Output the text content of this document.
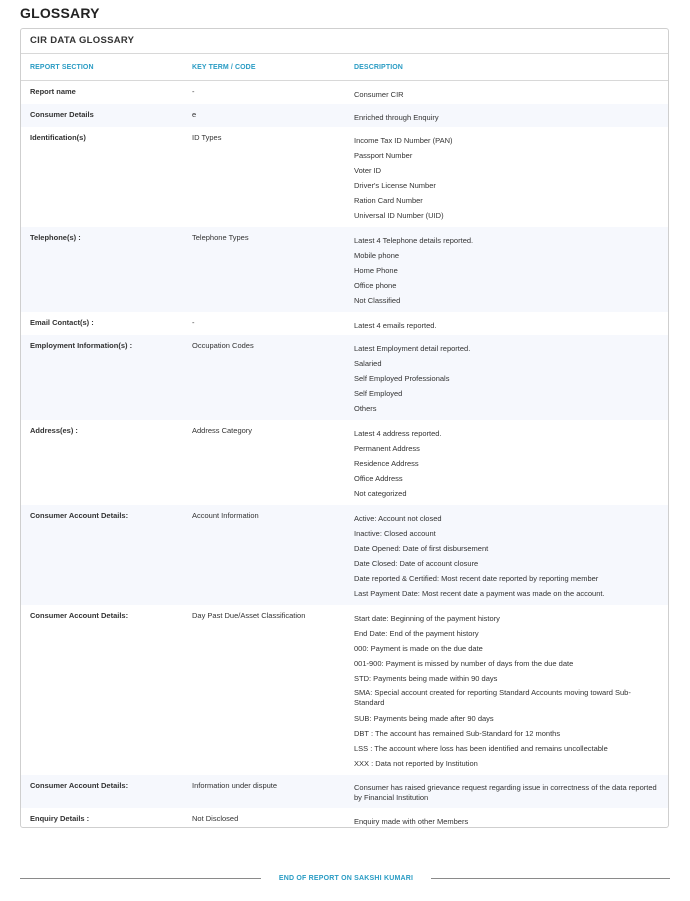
GLOSSARY
CIR DATA GLOSSARY
REPORT SECTION	KEY TERM / CODE	DESCRIPTION
Report name	-	Consumer CIR
Consumer Details	e	Enriched through Enquiry
Identification(s)	ID Types	Income Tax ID Number (PAN)
Passport Number
Voter ID
Driver's License Number
Ration Card Number
Universal ID Number (UID)
Telephone(s) :	Telephone Types	Latest 4 Telephone details reported.
Mobile phone
Home Phone
Office phone
Not Classified
Email Contact(s) :	-	Latest 4 emails reported.
Employment Information(s) :	Occupation Codes	Latest Employment detail reported.
Salaried
Self Employed Professionals
Self Employed
Others
Address(es) :	Address Category	Latest 4 address reported.
Permanent Address
Residence Address
Office Address
Not categorized
Consumer Account Details:	Account Information	Active: Account not closed
Inactive: Closed account
Date Opened: Date of first disbursement
Date Closed: Date of account closure
Date reported & Certified: Most recent date reported by reporting member
Last Payment Date: Most recent date a payment was made on the account.
Consumer Account Details:	Day Past Due/Asset Classification	Start date: Beginning of the payment history
End Date: End of the payment history
000: Payment is made on the due date
001-900: Payment is missed by number of days from the due date
STD: Payments being made within 90 days
SMA: Special account created for reporting Standard Accounts moving toward Sub-Standard
SUB: Payments being made after 90 days
DBT : The account has remained Sub-Standard for 12 months
LSS : The account where loss has been identified and remains uncollectable
XXX : Data not reported by Institution
Consumer Account Details:	Information under dispute	Consumer has raised grievance request regarding issue in correctness of the data reported by Financial Institution
Enquiry Details :	Not Disclosed	Enquiry made with other Members
END OF REPORT ON SAKSHI KUMARI
